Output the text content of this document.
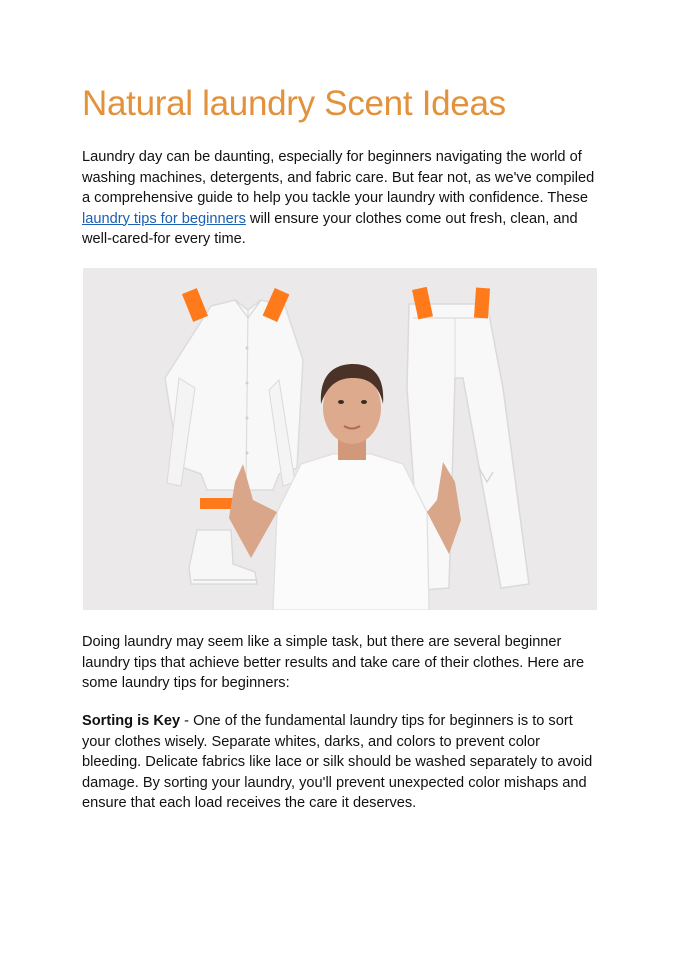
Natural laundry Scent Ideas

Laundry day can be daunting, especially for beginners navigating the world of washing machines, detergents, and fabric care. But fear not, as we've compiled a comprehensive guide to help you tackle your laundry with confidence. These laundry tips for beginners will ensure your clothes come out fresh, clean, and well-cared-for every time.

Doing laundry may seem like a simple task, but there are several beginner laundry tips that achieve better results and take care of their clothes. Here are some laundry tips for beginners:

Sorting is Key - One of the fundamental laundry tips for beginners is to sort your clothes wisely. Separate whites, darks, and colors to prevent color bleeding. Delicate fabrics like lace or silk should be washed separately to avoid damage. By sorting your laundry, you'll prevent unexpected color mishaps and ensure that each load receives the care it deserves.
